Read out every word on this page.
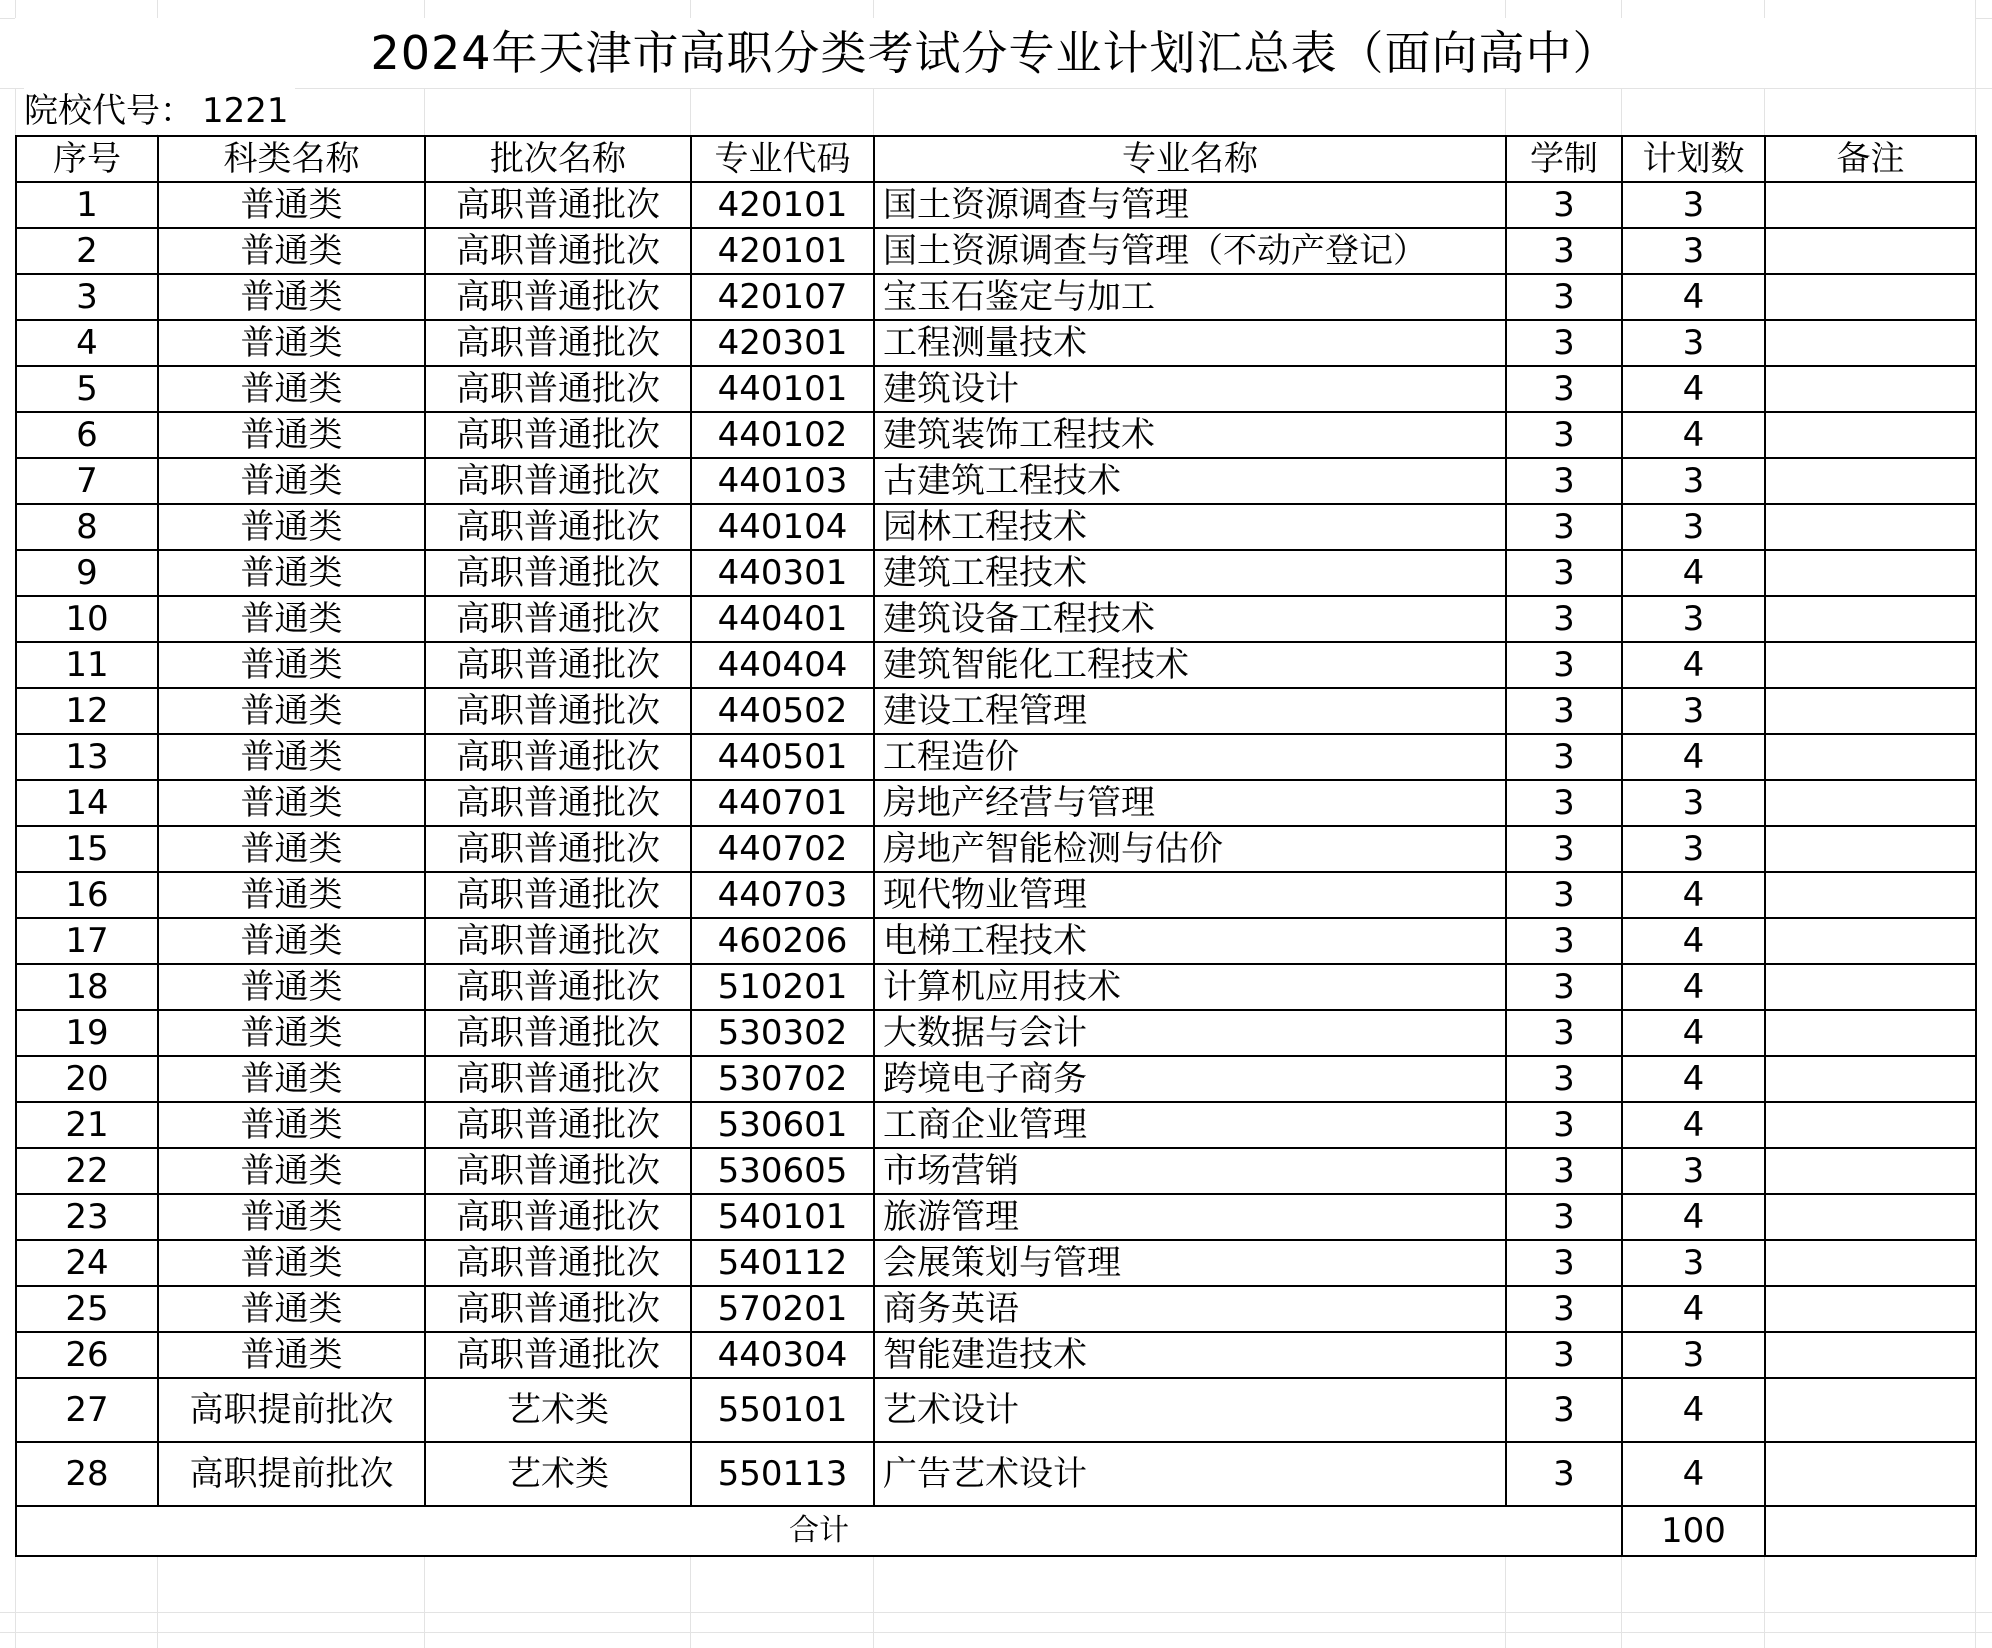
2024年天津市高职分类考试分专业计划汇总表（面向高中）
院校代号： 1221
序号	科类名称	批次名称	专业代码	专业名称	学制	计划数	备注
1	普通类	高职普通批次	420101	国土资源调查与管理	3	3	
2	普通类	高职普通批次	420101	国土资源调查与管理（不动产登记）	3	3	
3	普通类	高职普通批次	420107	宝玉石鉴定与加工	3	4	
4	普通类	高职普通批次	420301	工程测量技术	3	3	
5	普通类	高职普通批次	440101	建筑设计	3	4	
6	普通类	高职普通批次	440102	建筑装饰工程技术	3	4	
7	普通类	高职普通批次	440103	古建筑工程技术	3	3	
8	普通类	高职普通批次	440104	园林工程技术	3	3	
9	普通类	高职普通批次	440301	建筑工程技术	3	4	
10	普通类	高职普通批次	440401	建筑设备工程技术	3	3	
11	普通类	高职普通批次	440404	建筑智能化工程技术	3	4	
12	普通类	高职普通批次	440502	建设工程管理	3	3	
13	普通类	高职普通批次	440501	工程造价	3	4	
14	普通类	高职普通批次	440701	房地产经营与管理	3	3	
15	普通类	高职普通批次	440702	房地产智能检测与估价	3	3	
16	普通类	高职普通批次	440703	现代物业管理	3	4	
17	普通类	高职普通批次	460206	电梯工程技术	3	4	
18	普通类	高职普通批次	510201	计算机应用技术	3	4	
19	普通类	高职普通批次	530302	大数据与会计	3	4	
20	普通类	高职普通批次	530702	跨境电子商务	3	4	
21	普通类	高职普通批次	530601	工商企业管理	3	4	
22	普通类	高职普通批次	530605	市场营销	3	3	
23	普通类	高职普通批次	540101	旅游管理	3	4	
24	普通类	高职普通批次	540112	会展策划与管理	3	3	
25	普通类	高职普通批次	570201	商务英语	3	4	
26	普通类	高职普通批次	440304	智能建造技术	3	3	
27	高职提前批次	艺术类	550101	艺术设计	3	4	
28	高职提前批次	艺术类	550113	广告艺术设计	3	4	
合计						100	
